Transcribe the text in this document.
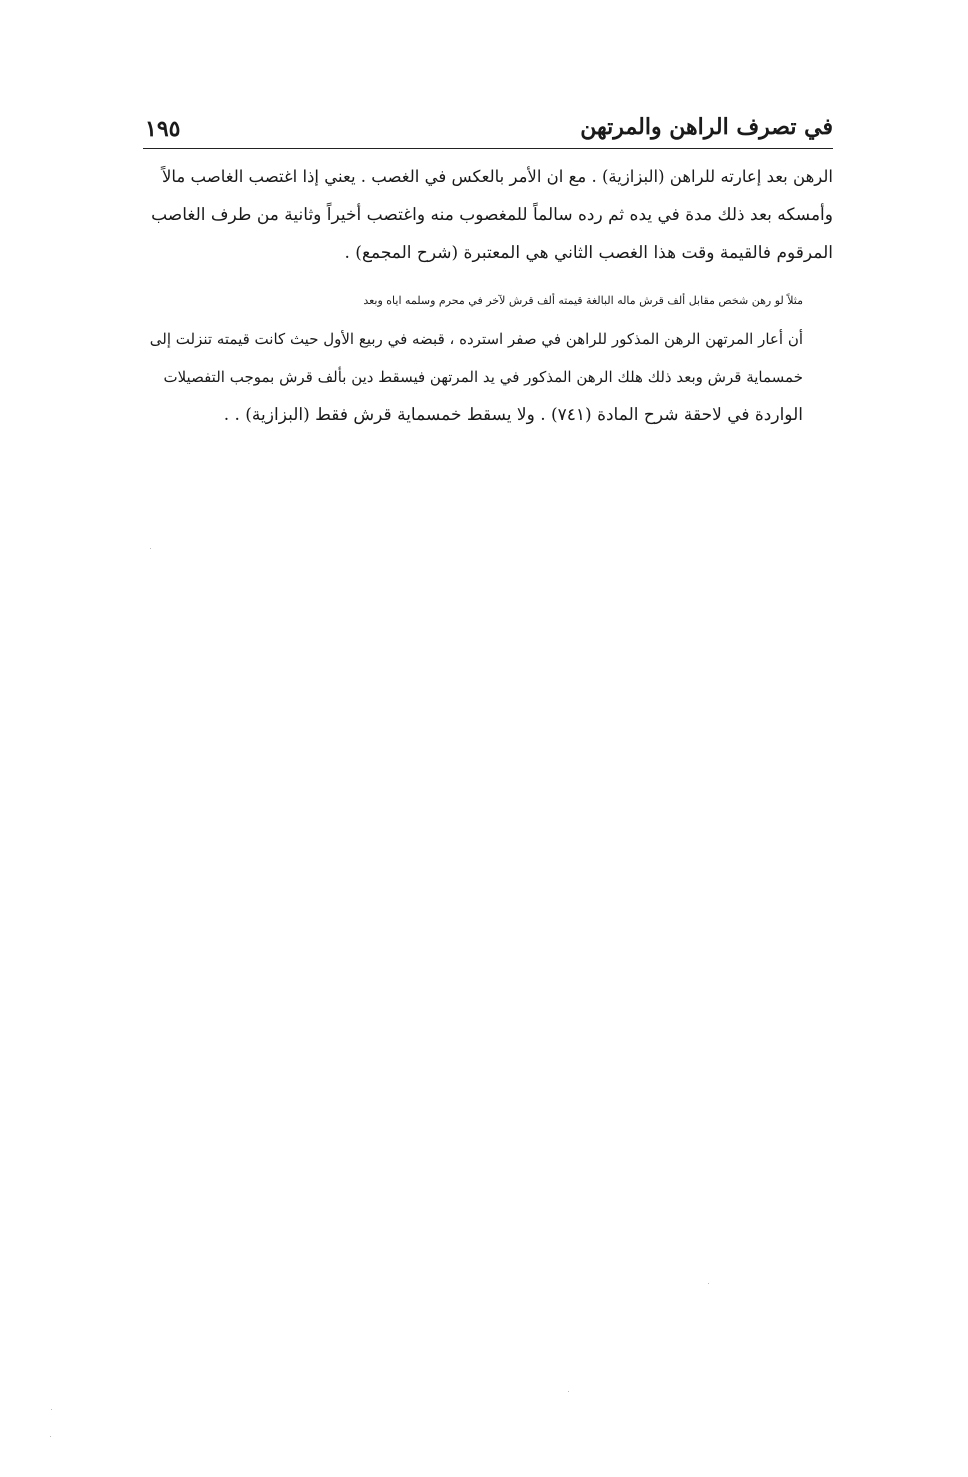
١٩٥	في تصرف الراهن والمرتهن

الرهن بعد إعارته للراهن (البزازية) . مع ان الأمر بالعكس في الغصب . يعني إذا اغتصب الغاصب مالاً
وأمسكه بعد ذلك مدة في يده ثم رده سالماً للمغصوب منه واغتصب أخيراً وثانية من طرف الغاصب
المرقوم فالقيمة وقت هذا الغصب الثاني هي المعتبرة (شرح المجمع) .

مثلاً لو رهن شخص مقابل ألف قرش ماله البالغة قيمته ألف قرش لآخر في محرم وسلمه اياه وبعد
أن أعار المرتهن الرهن المذكور للراهن في صفر استرده ، قبضه في ربيع الأول حيث كانت قيمته تنزلت إلى
خمسماية قرش وبعد ذلك هلك الرهن المذكور في يد المرتهن فيسقط دين بألف قرش بموجب التفصيلات
الواردة في لاحقة شرح المادة (٧٤١) . ولا يسقط خمسماية قرش فقط (البزازية) . .
